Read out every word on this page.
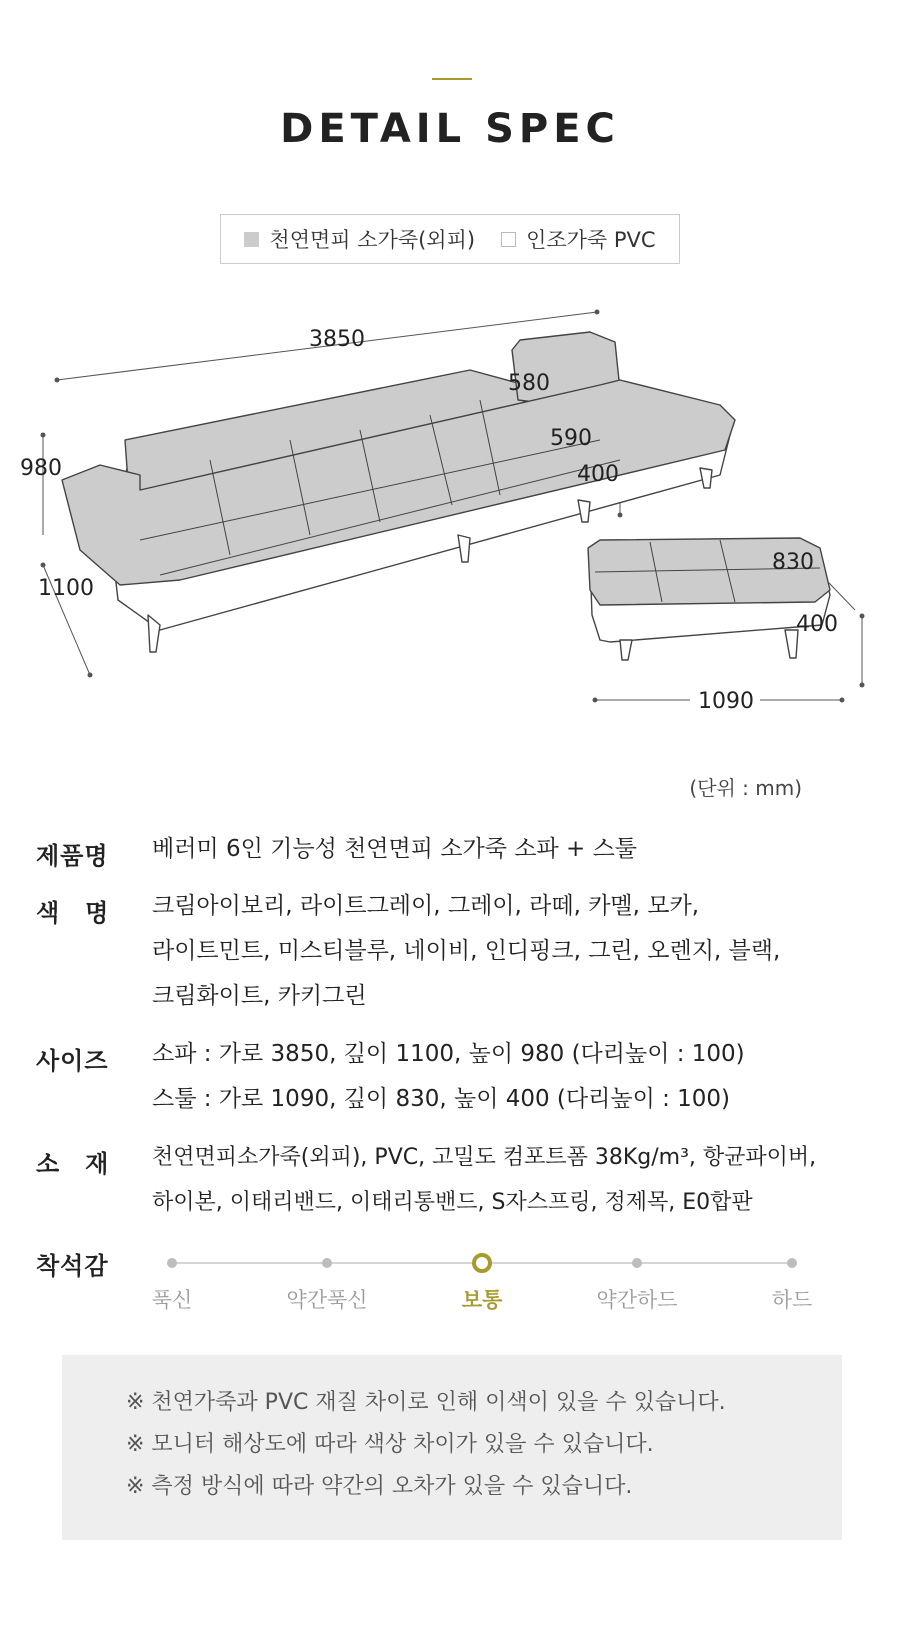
DETAIL SPEC
천연면피 소가죽(외피) 인조가죽 PVC
3850
980
1100
580
590
400
830
400
1090
(단위 : mm)
제품명	베러미 6인 기능성 천연면피 소가죽 소파 + 스툴
색　명	크림아이보리, 라이트그레이, 그레이, 라떼, 카멜, 모카,
라이트민트, 미스티블루, 네이비, 인디핑크, 그린, 오렌지, 블랙,
크림화이트, 카키그린
사이즈	소파 : 가로 3850, 깊이 1100, 높이 980 (다리높이 : 100)
스툴 : 가로 1090, 깊이 830, 높이 400 (다리높이 : 100)
소　재	천연면피소가죽(외피), PVC, 고밀도 컴포트폼 38Kg/m³, 항균파이버,
하이본, 이태리밴드, 이태리통밴드, S자스프링, 정제목, E0합판
착석감
푹신	약간푹신	보통	약간하드	하드
※ 천연가죽과 PVC 재질 차이로 인해 이색이 있을 수 있습니다.
※ 모니터 해상도에 따라 색상 차이가 있을 수 있습니다.
※ 측정 방식에 따라 약간의 오차가 있을 수 있습니다.
